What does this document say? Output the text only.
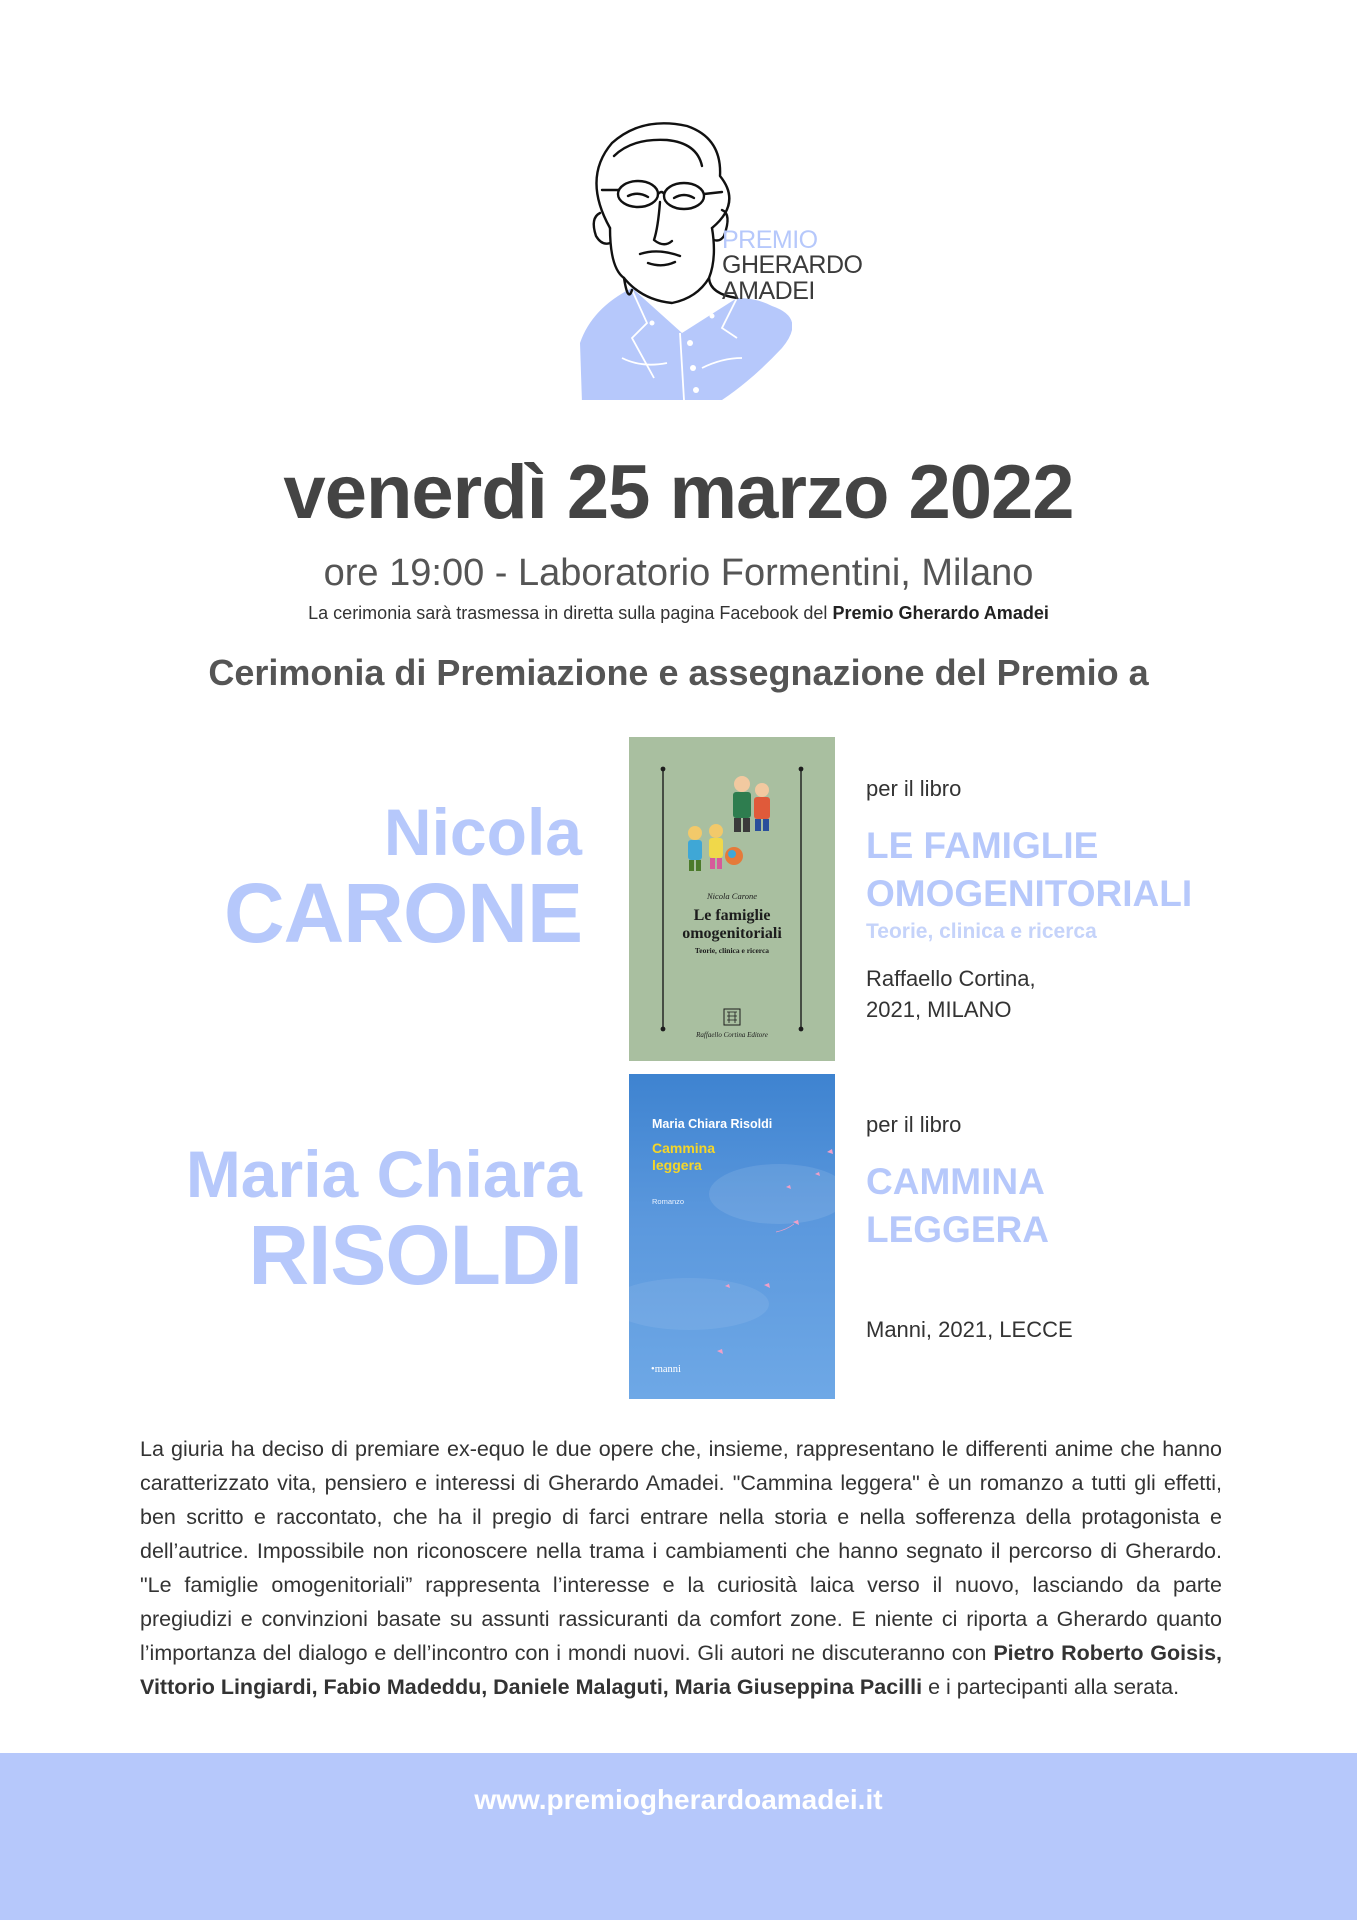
PREMIO
GHERARDO
AMADEI
venerdì 25 marzo 2022
ore 19:00 - Laboratorio Formentini, Milano
La cerimonia sarà trasmessa in diretta sulla pagina Facebook del Premio Gherardo Amadei
Cerimonia di Premiazione e assegnazione del Premio a
Nicola
CARONE	Nicola Carone
Le famiglie
omogenitoriali
Teorie, clinica e ricerca
Raffaello Cortina Editore
per il libro
LE FAMIGLIE
OMOGENITORIALI
Teorie, clinica e ricerca
Raffaello Cortina,
2021, MILANO
Maria Chiara
RISOLDI
Maria Chiara Risoldi
Cammina
leggera
Romanzo
•manni
per il libro
CAMMINA
LEGGERA
Manni, 2021, LECCE
La giuria ha deciso di premiare ex-equo le due opere che, insieme, rappresentano le differenti anime che hanno caratterizzato vita, pensiero e interessi di Gherardo Amadei. "Cammina leggera" è un romanzo a tutti gli effetti, ben scritto e raccontato, che ha il pregio di farci entrare nella storia e nella sofferenza della protagonista e dell’autrice. Impossibile non riconoscere nella trama i cambiamenti che hanno segnato il percorso di Gherardo. "Le famiglie omogenitoriali” rappresenta l’interesse e la curiosità laica verso il nuovo, lasciando da parte pregiudizi e convinzioni basate su assunti rassicuranti da comfort zone. E niente ci riporta a Gherardo quanto l’importanza del dialogo e dell’incontro con i mondi nuovi. Gli autori ne discuteranno con Pietro Roberto Goisis, Vittorio Lingiardi, Fabio Madeddu, Daniele Malaguti, Maria Giuseppina Pacilli e i partecipanti alla serata.
www.premiogherardoamadei.it
